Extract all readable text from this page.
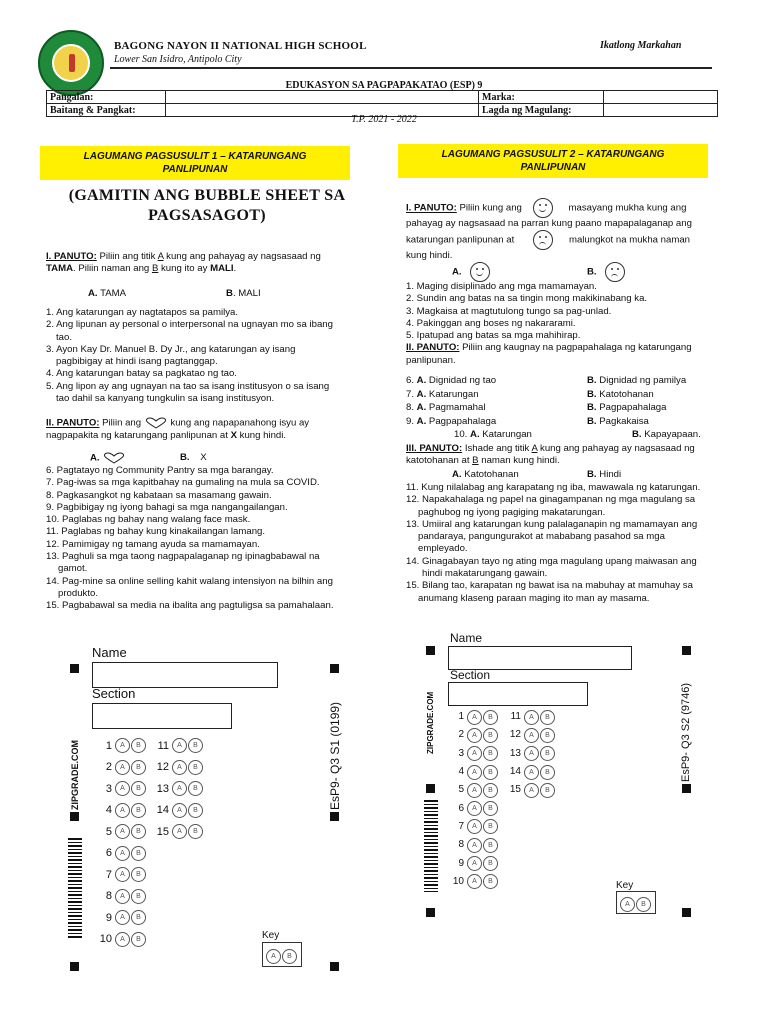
BAGONG NAYON II NATIONAL HIGH SCHOOL
Lower San Isidro, Antipolo City
Ikatlong Markahan
EDUKASYON SA PAGPAPAKATAO (ESP) 9
Pangalan:		Marka:	
Baitang & Pangkat:		Lagda ng Magulang:	
T.P. 2021 - 2022
LAGUMANG PAGSUSULIT 1 – KATARUNGANG
PANLIPUNAN
(GAMITIN ANG BUBBLE SHEET SA
PAGSASAGOT)
I. PANUTO: Piliin ang titik A kung ang pahayag ay nagsasaad ng
TAMA. Piliin naman ang B kung ito ay MALI.
A. TAMA	B. MALI
1. Ang katarungan ay nagtatapos sa pamilya.
2. Ang lipunan ay personal o interpersonal na ugnayan mo sa ibang
tao.
3. Ayon Kay Dr. Manuel B. Dy Jr., ang katarungan ay isang
pagbibigay at hindi isang pagtanggap.
4. Ang katarungan batay sa pagkatao ng tao.
5. Ang lipon ay ang ugnayan na tao sa isang institusyon o sa isang
tao dahil sa kanyang tungkulin sa isang institusyon.
II. PANUTO: Piliin ang	kung ang napapanahong isyu ay
nagpapakita ng katarungang panlipunan at X kung hindi.
A.	B. X
6. Pagtatayo ng Community Pantry sa mga barangay.
7. Pag-iwas sa mga kapitbahay na gumaling na mula sa COVID.
8. Pagkasangkot ng kabataan sa masamang gawain.
9. Pagbibigay ng iyong bahagi sa mga nangangailangan.
10. Paglabas ng bahay nang walang face mask.
11. Paglabas ng bahay kung kinakailangan lamang.
12. Pamimigay ng tamang ayuda sa mamamayan.
13. Paghuli sa mga taong nagpapalaganap ng ipinagbabawal na
gamot.
14. Pag-mine sa online selling kahit walang intensiyon na bilhin ang
produkto.
15. Pagbabawal sa media na ibalita ang pagtuligsa sa pamahalaan.
Name
Section
ZIPGRADE.COM	EsP9- Q3 S1 (0199)
1	A	B	11	A	B
2	A	B	12	A	B
3	A	B	13	A	B
4	A	B	14	A	B
5	A	B	15	A	B
6	A	B
7	A	B
8	A	B
9	A	B
10	A	B	Key
A B
LAGUMANG PAGSUSULIT 2 – KATARUNGANG
PANLIPUNAN
I. PANUTO: Piliin kung ang	masayang mukha kung ang
pahayag ay nagsasaad na parran kung paano mapapalaganap ang
katarungan panlipunan at	malungkot na mukha naman
kung hindi.
A.	B.
1. Maging disiplinado ang mga mamamayan.
2. Sundin ang batas na sa tingin mong makikinabang ka.
3. Magkaisa at magtutulong tungo sa pag-unlad.
4. Pakinggan ang boses ng nakararami.
5. Ipatupad ang batas sa mga mahihirap.
II. PANUTO: Piliin ang kaugnay na pagpapahalaga ng katarungang
panlipunan.
6. A. Dignidad ng tao	B. Dignidad ng pamilya
7. A. Katarungan	B. Katotohanan
8. A. Pagmamahal	B. Pagpapahalaga
9. A. Pagpapahalaga	B. Pagkakaisa
10. A. Katarungan	B. Kapayapaan.
III. PANUTO: Ishade ang titik A kung ang pahayag ay nagsasaad ng
katotohanan at B naman kung hindi.
A. Katotohanan	B. Hindi
11. Kung nilalabag ang karapatang ng iba, mawawala ng katarungan.
12. Napakahalaga ng papel na ginagampanan ng mga magulang sa
paghubog ng iyong pagiging makatarungan.
13. Umiiral ang katarungan kung palalaganapin ng mamamayan ang
pandaraya, pangungurakot at mababang pasahod sa mga
empleyado.
14. Ginagabayan tayo ng ating mga magulang upang maiwasan ang
hindi makatarungang gawain.
15. Bilang tao, karapatan ng bawat isa na mabuhay at mamuhay sa
anumang klaseng paraan maging ito man ay masama.
Name
Section
ZIPGRADE.COM	EsP9- Q3 S2 (9746)
1	A	B	11	A	B
2	A	B	12	A	B
3	A	B	13	A	B
4	A	B	14	A	B
5	A	B	15	A	B
6	A	B
7	A	B
8	A	B
9	A	B
10	A	B	Key
A B
